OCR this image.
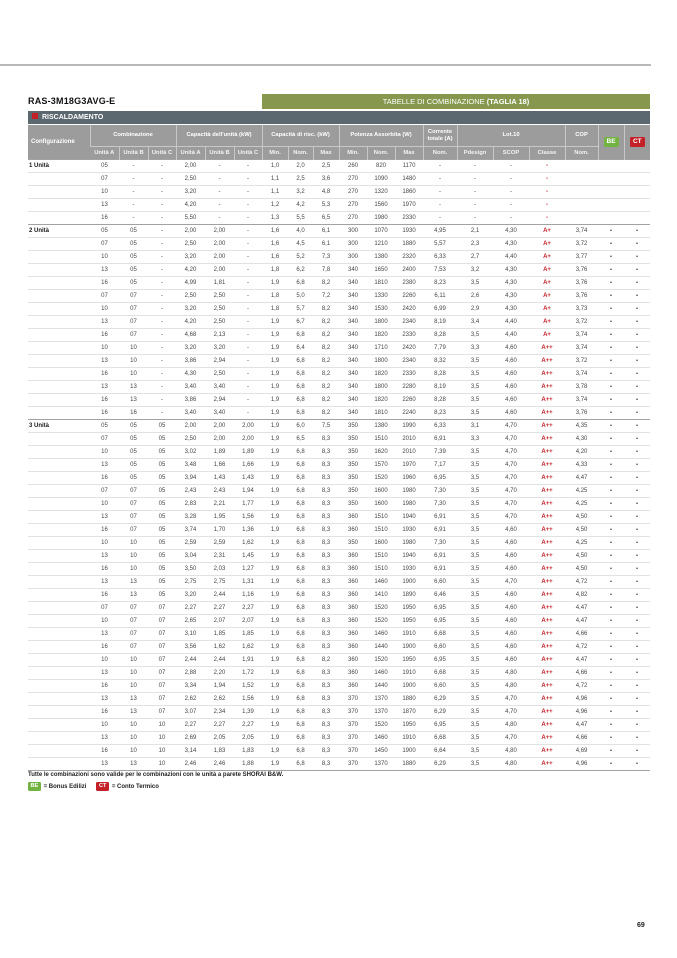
RAS-3M18G3AVG-E	TABELLE DI COMBINAZIONE (TAGLIA 18)
RISCALDAMENTO
Configurazione	Combinazione			Capacità dell'unità (kW)			Capacità di risc. (kW)			Potenza Assorbita (W)			Corrente totale (A)	Lot.10			COP	BE	CT
	Unità A	Unità B	Unità C	Unità A	Unità B	Unità C	Min.	Nom.	Max	Min.	Nom.	Max	Nom.	Pdesign	SCOP	Classe	Nom.		
1 Unità	05	-	-	2,00	-	-	1,0	2,0	2,5	260	820	1170	-	-	-	-			
	07	-	-	2,50	-	-	1,1	2,5	3,6	270	1090	1480	-	-	-	-			
	10	-	-	3,20	-	-	1,1	3,2	4,8	270	1320	1860	-	-	-	-			
	13	-	-	4,20	-	-	1,2	4,2	5,3	270	1560	1970	-	-	-	-			
	16	-	-	5,50	-	-	1,3	5,5	6,5	270	1980	2330	-	-	-	-			
2 Unità	05	05	-	2,00	2,00	-	1,6	4,0	6,1	300	1070	1930	4,95	2,1	4,30	A+	3,74	•	•
	07	05	-	2,50	2,00	-	1,6	4,5	6,1	300	1210	1880	5,57	2,3	4,30	A+	3,72	•	•
	10	05	-	3,20	2,00	-	1,6	5,2	7,3	300	1380	2320	6,33	2,7	4,40	A+	3,77	•	•
	13	05	-	4,20	2,00	-	1,8	6,2	7,8	340	1650	2400	7,53	3,2	4,30	A+	3,76	•	•
	16	05	-	4,99	1,81	-	1,9	6,8	8,2	340	1810	2380	8,23	3,5	4,30	A+	3,76	•	•
	07	07	-	2,50	2,50	-	1,8	5,0	7,2	340	1330	2260	6,11	2,6	4,30	A+	3,76	•	•
	10	07	-	3,20	2,50	-	1,8	5,7	8,2	340	1530	2420	6,99	2,9	4,30	A+	3,73	•	•
	13	07	-	4,20	2,50	-	1,9	6,7	8,2	340	1800	2340	8,19	3,4	4,40	A+	3,72	•	•
	16	07	-	4,68	2,13	-	1,9	6,8	8,2	340	1820	2330	8,28	3,5	4,40	A+	3,74	•	•
	10	10	-	3,20	3,20	-	1,9	6,4	8,2	340	1710	2420	7,79	3,3	4,60	A++	3,74	•	•
	13	10	-	3,86	2,94	-	1,9	6,8	8,2	340	1800	2340	8,32	3,5	4,60	A++	3,72	•	•
	16	10	-	4,30	2,50	-	1,9	6,8	8,2	340	1820	2330	8,28	3,5	4,60	A++	3,74	•	•
	13	13	-	3,40	3,40	-	1,9	6,8	8,2	340	1800	2280	8,19	3,5	4,60	A++	3,78	•	•
	16	13	-	3,86	2,94	-	1,9	6,8	8,2	340	1820	2260	8,28	3,5	4,60	A++	3,74	•	•
	16	16	-	3,40	3,40	-	1,9	6,8	8,2	340	1810	2240	8,23	3,5	4,60	A++	3,76	•	•
3 Unità	05	05	05	2,00	2,00	2,00	1,9	6,0	7,5	350	1380	1990	6,33	3,1	4,70	A++	4,35	•	•
	07	05	05	2,50	2,00	2,00	1,9	6,5	8,3	350	1510	2010	6,91	3,3	4,70	A++	4,30	•	•
	10	05	05	3,02	1,89	1,89	1,9	6,8	8,3	350	1620	2010	7,39	3,5	4,70	A++	4,20	•	•
	13	05	05	3,48	1,66	1,66	1,9	6,8	8,3	350	1570	1970	7,17	3,5	4,70	A++	4,33	•	•
	16	05	05	3,94	1,43	1,43	1,9	6,8	8,3	350	1520	1960	6,95	3,5	4,70	A++	4,47	•	•
	07	07	05	2,43	2,43	1,94	1,9	6,8	8,3	350	1600	1980	7,30	3,5	4,70	A++	4,25	•	•
	10	07	05	2,83	2,21	1,77	1,9	6,8	8,3	350	1600	1980	7,30	3,5	4,70	A++	4,25	•	•
	13	07	05	3,28	1,95	1,56	1,9	6,8	8,3	360	1510	1940	6,91	3,5	4,70	A++	4,50	•	•
	16	07	05	3,74	1,70	1,36	1,9	6,8	8,3	360	1510	1930	6,91	3,5	4,60	A++	4,50	•	•
	10	10	05	2,59	2,59	1,62	1,9	6,8	8,3	350	1600	1980	7,30	3,5	4,60	A++	4,25	•	•
	13	10	05	3,04	2,31	1,45	1,9	6,8	8,3	360	1510	1940	6,91	3,5	4,60	A++	4,50	•	•
	16	10	05	3,50	2,03	1,27	1,9	6,8	8,3	360	1510	1930	6,91	3,5	4,60	A++	4,50	•	•
	13	13	05	2,75	2,75	1,31	1,9	6,8	8,3	360	1460	1900	6,60	3,5	4,70	A++	4,72	•	•
	16	13	05	3,20	2,44	1,16	1,9	6,8	8,3	360	1410	1890	6,46	3,5	4,60	A++	4,82	•	•
	07	07	07	2,27	2,27	2,27	1,9	6,8	8,3	360	1520	1950	6,95	3,5	4,60	A++	4,47	•	•
	10	07	07	2,65	2,07	2,07	1,9	6,8	8,3	360	1520	1950	6,95	3,5	4,60	A++	4,47	•	•
	13	07	07	3,10	1,85	1,85	1,9	6,8	8,3	360	1460	1910	6,68	3,5	4,60	A++	4,66	•	•
	16	07	07	3,56	1,62	1,62	1,9	6,8	8,3	360	1440	1900	6,60	3,5	4,60	A++	4,72	•	•
	10	10	07	2,44	2,44	1,91	1,9	6,8	8,2	360	1520	1950	6,95	3,5	4,60	A++	4,47	•	•
	13	10	07	2,88	2,20	1,72	1,9	6,8	8,3	360	1460	1910	6,68	3,5	4,80	A++	4,66	•	•
	16	10	07	3,34	1,94	1,52	1,9	6,8	8,3	360	1440	1900	6,60	3,5	4,80	A++	4,72	•	•
	13	13	07	2,62	2,62	1,56	1,9	6,8	8,3	370	1370	1880	6,29	3,5	4,70	A++	4,96	•	•
	16	13	07	3,07	2,34	1,39	1,9	6,8	8,3	370	1370	1870	6,29	3,5	4,70	A++	4,96	•	•
	10	10	10	2,27	2,27	2,27	1,9	6,8	8,3	370	1520	1950	6,95	3,5	4,80	A++	4,47	•	•
	13	10	10	2,69	2,05	2,05	1,9	6,8	8,3	370	1460	1910	6,68	3,5	4,70	A++	4,66	•	•
	16	10	10	3,14	1,83	1,83	1,9	6,8	8,3	370	1450	1900	6,64	3,5	4,80	A++	4,69	•	•
	13	13	10	2,46	2,46	1,88	1,9	6,8	8,3	370	1370	1880	6,29	3,5	4,80	A++	4,96	•	•

Tutte le combinazioni sono valide per le combinazioni con le unità a parete SHORAI B&W.

BE = Bonus Edilizi CT = Conto Termico
69
